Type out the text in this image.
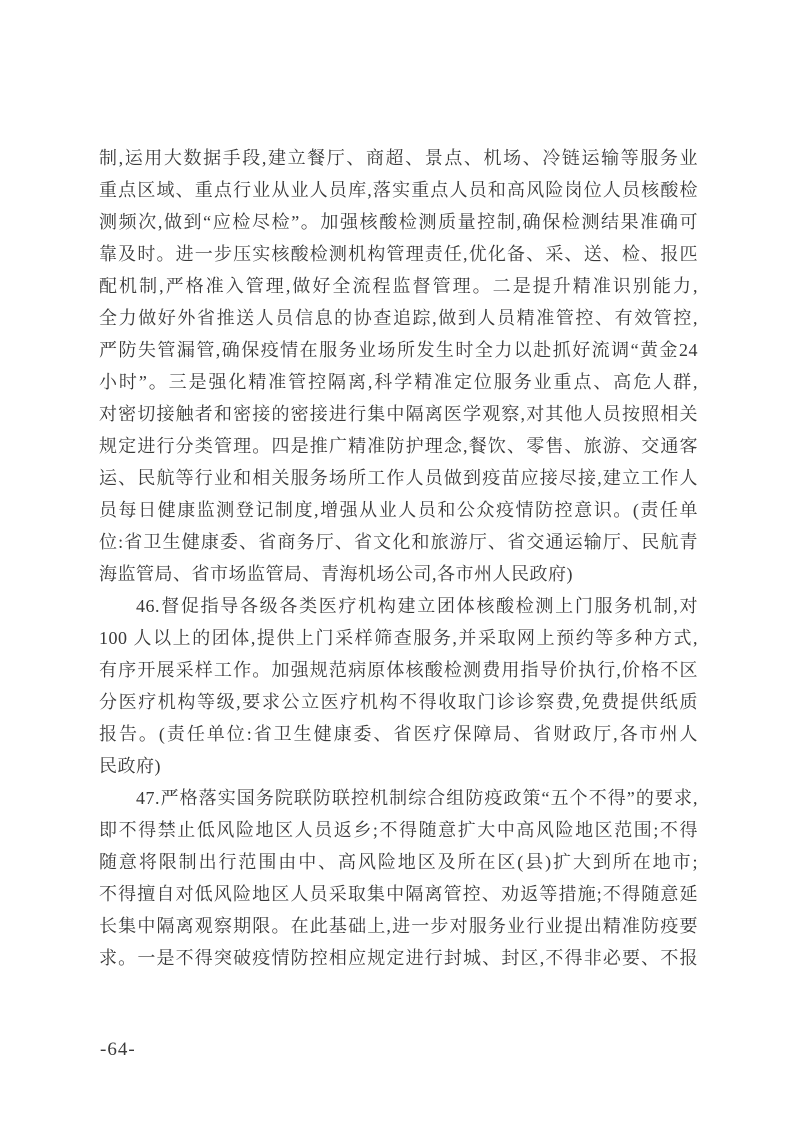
制,运用大数据手段,建立餐厅、商超、景点、机场、冷链运输等服务业
重点区域、重点行业从业人员库,落实重点人员和高风险岗位人员核酸检
测频次,做到“应检尽检”。加强核酸检测质量控制,确保检测结果准确可
靠及时。进一步压实核酸检测机构管理责任,优化备、采、送、检、报匹
配机制,严格准入管理,做好全流程监督管理。二是提升精准识别能力,
全力做好外省推送人员信息的协查追踪,做到人员精准管控、有效管控,
严防失管漏管,确保疫情在服务业场所发生时全力以赴抓好流调“黄金24
小时”。三是强化精准管控隔离,科学精准定位服务业重点、高危人群,
对密切接触者和密接的密接进行集中隔离医学观察,对其他人员按照相关
规定进行分类管理。四是推广精准防护理念,餐饮、零售、旅游、交通客
运、民航等行业和相关服务场所工作人员做到疫苗应接尽接,建立工作人
员每日健康监测登记制度,增强从业人员和公众疫情防控意识。(责任单
位:省卫生健康委、省商务厅、省文化和旅游厅、省交通运输厅、民航青
海监管局、省市场监管局、青海机场公司,各市州人民政府)
46.督促指导各级各类医疗机构建立团体核酸检测上门服务机制,对
100 人以上的团体,提供上门采样筛查服务,并采取网上预约等多种方式,
有序开展采样工作。加强规范病原体核酸检测费用指导价执行,价格不区
分医疗机构等级,要求公立医疗机构不得收取门诊诊察费,免费提供纸质
报告。(责任单位:省卫生健康委、省医疗保障局、省财政厅,各市州人
民政府)
47.严格落实国务院联防联控机制综合组防疫政策“五个不得”的要求,
即不得禁止低风险地区人员返乡;不得随意扩大中高风险地区范围;不得
随意将限制出行范围由中、高风险地区及所在区(县)扩大到所在地市;
不得擅自对低风险地区人员采取集中隔离管控、劝返等措施;不得随意延
长集中隔离观察期限。在此基础上,进一步对服务业行业提出精准防疫要
求。一是不得突破疫情防控相应规定进行封城、封区,不得非必要、不报
-64-
